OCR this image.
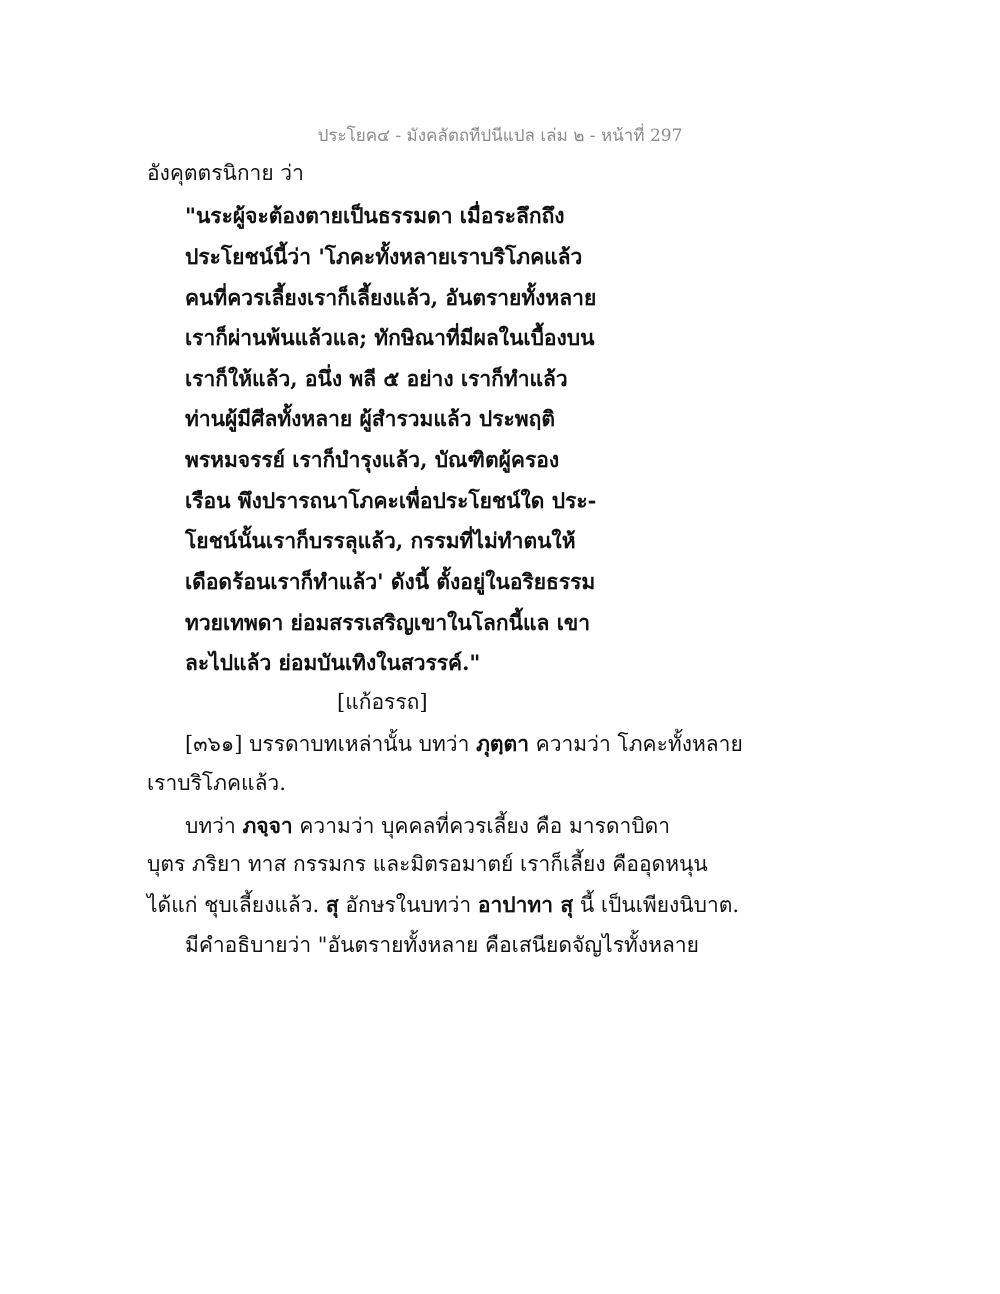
ประโยค๔ - มังคลัตถทีปนีแปล เล่ม ๒ - หน้าที่ 297
อังคุตตรนิกาย ว่า
"นระผู้จะต้องตายเป็นธรรมดา เมื่อระลึกถึง
ประโยชน์นี้ว่า 'โภคะทั้งหลายเราบริโภคแล้ว
คนที่ควรเลี้ยงเราก็เลี้ยงแล้ว, อันตรายทั้งหลาย
เราก็ผ่านพ้นแล้วแล; ทักษิณาที่มีผลในเบื้องบน
เราก็ให้แล้ว, อนึ่ง พลี ๕ อย่าง เราก็ทำแล้ว
ท่านผู้มีศีลทั้งหลาย ผู้สำรวมแล้ว ประพฤติ
พรหมจรรย์ เราก็บำรุงแล้ว, บัณฑิตผู้ครอง
เรือน พึงปรารถนาโภคะเพื่อประโยชน์ใด ประ-
โยชน์นั้นเราก็บรรลุแล้ว, กรรมที่ไม่ทำตนให้
เดือดร้อนเราก็ทำแล้ว' ดังนี้ ตั้งอยู่ในอริยธรรม
ทวยเทพดา ย่อมสรรเสริญเขาในโลกนี้แล เขา
ละไปแล้ว ย่อมบันเทิงในสวรรค์."
[แก้อรรถ]
[๓๖๑] บรรดาบทเหล่านั้น บทว่า ภุตฺตา ความว่า โภคะทั้งหลาย
เราบริโภคแล้ว.
บทว่า ภจฺจา ความว่า บุคคลที่ควรเลี้ยง คือ มารดาบิดา
บุตร ภริยา ทาส กรรมกร และมิตรอมาตย์ เราก็เลี้ยง คืออุดหนุน
ได้แก่ ชุบเลี้ยงแล้ว. สุ อักษรในบทว่า อาปาทา สุ นี้ เป็นเพียงนิบาต.
มีคำอธิบายว่า "อันตรายทั้งหลาย คือเสนียดจัญไรทั้งหลาย
